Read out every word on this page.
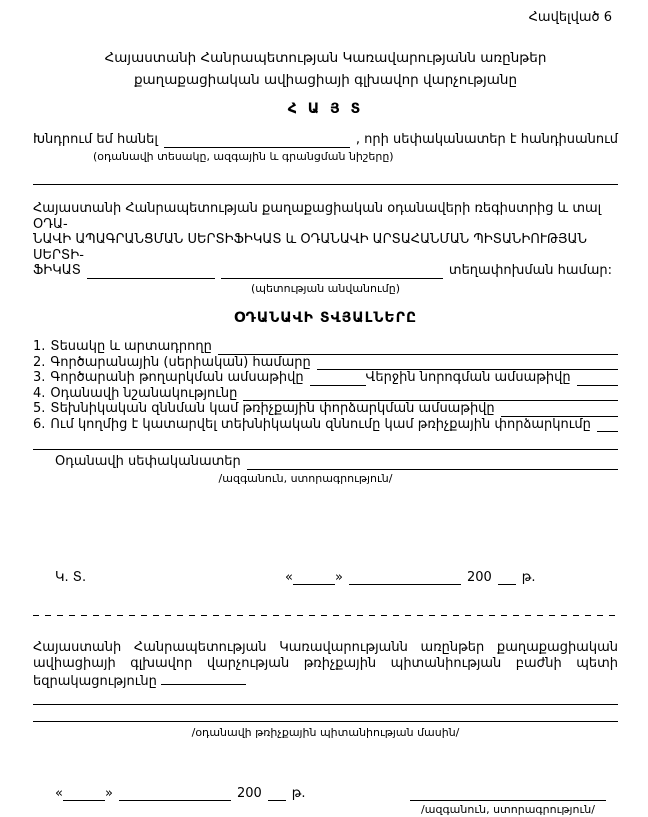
Հավելված 6
Հայաստանի Հանրապետության Կառավարությանն առընթեր
քաղաքացիական ավիացիայի գլխավոր վարչությանը
Հ Ա Յ Տ
Խնդրում եմ հանել	, որի սեփականատեր է հանդիսանում
(օդանավի տեսակը, ազգային և գրանցման նիշերը)
Հայաստանի Հանրապետության քաղաքացիական օդանավերի ռեգիստրից և տալ ՕԴԱ-
ՆԱՎԻ ԱՊԱԳՐԱՆՑՄԱՆ ՍԵՐՏԻՖԻԿԱՏ և ՕԴԱՆԱՎԻ ԱՐՏԱՀԱՆՄԱՆ ՊԻՏԱՆԻՈՒԹՅԱՆ ՍԵՐՏԻ-
ՖԻԿԱՏ	տեղափոխման համար:
(պետության անվանումը)
ՕԴԱՆԱՎԻ ՏՎՅԱԼՆԵՐԸ
1. Տեսակը և արտադրողը
2. Գործարանային (սերիական) համարը
3. Գործարանի թողարկման ամսաթիվը	Վերջին նորոգման ամսաթիվը
4. Օդանավի նշանակությունը
5. Տեխնիկական զննման կամ թռիչքային փորձարկման ամսաթիվը
6. Ում կողմից է կատարվել տեխնիկական զննումը կամ թռիչքային փորձարկումը
Օդանավի սեփականատեր
/ազգանուն, ստորագրություն/
Կ. Տ.	«	»	200 թ.
Հայաստանի Հանրապետության Կառավարությանն առընթեր քաղաքացիական ավիացիայի գլխավոր վարչության թռիչքային պիտանիության բաժնի պետի եզրակացությունը
/օդանավի թռիչքային պիտանիության մասին/
«	»	200 թ.
/ազգանուն, ստորագրություն/
